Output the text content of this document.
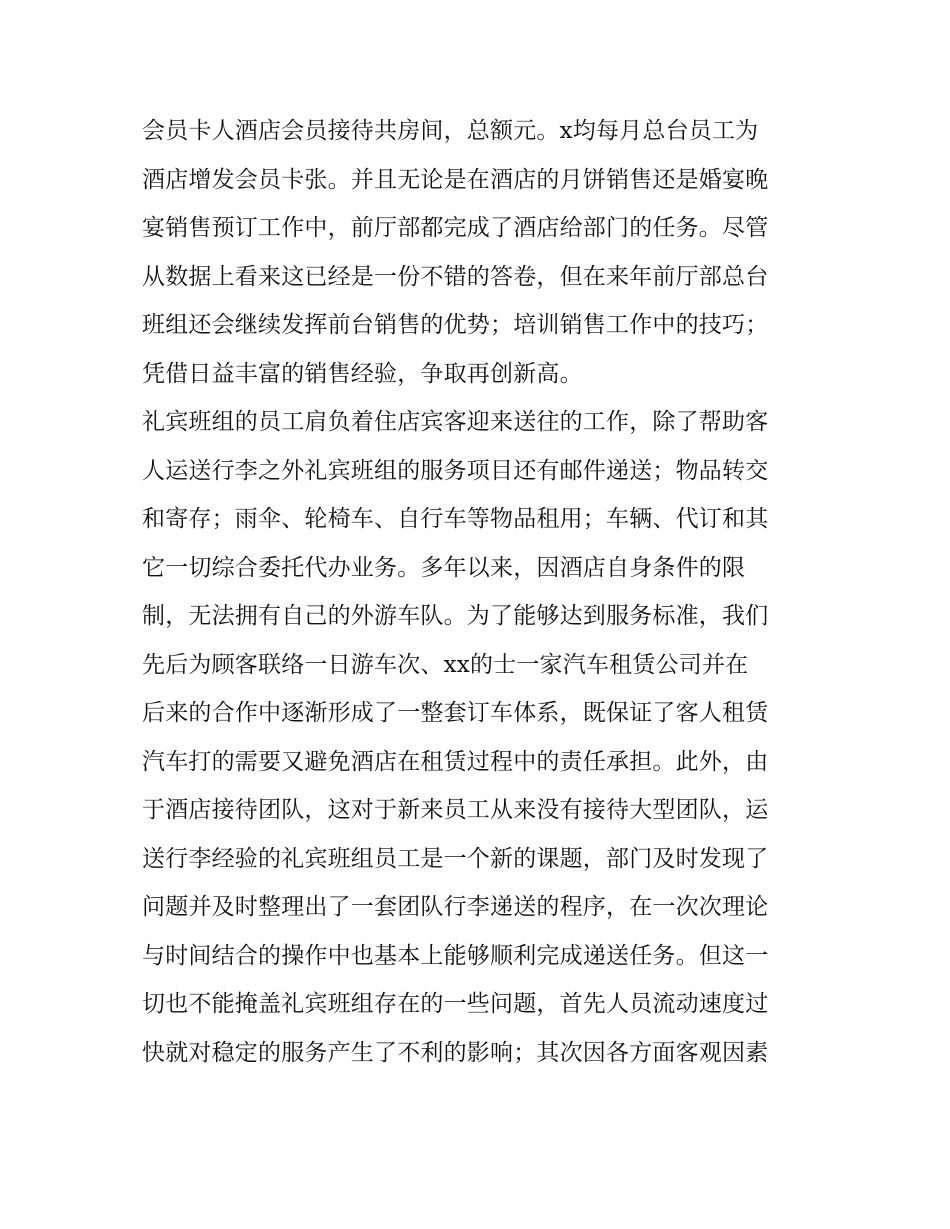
会员卡人酒店会员接待共房间，总额元。x均每月总台员工为
酒店增发会员卡张。并且无论是在酒店的月饼销售还是婚宴晚
宴销售预订工作中，前厅部都完成了酒店给部门的任务。尽管
从数据上看来这已经是一份不错的答卷，但在来年前厅部总台
班组还会继续发挥前台销售的优势；培训销售工作中的技巧；
凭借日益丰富的销售经验，争取再创新高。
礼宾班组的员工肩负着住店宾客迎来送往的工作，除了帮助客
人运送行李之外礼宾班组的服务项目还有邮件递送；物品转交
和寄存；雨伞、轮椅车、自行车等物品租用；车辆、代订和其
它一切综合委托代办业务。多年以来，因酒店自身条件的限
制，无法拥有自己的外游车队。为了能够达到服务标准，我们
先后为顾客联络一日游车次、xx的士一家汽车租赁公司并在
后来的合作中逐渐形成了一整套订车体系，既保证了客人租赁
汽车打的需要又避免酒店在租赁过程中的责任承担。此外，由
于酒店接待团队，这对于新来员工从来没有接待大型团队，运
送行李经验的礼宾班组员工是一个新的课题，部门及时发现了
问题并及时整理出了一套团队行李递送的程序，在一次次理论
与时间结合的操作中也基本上能够顺利完成递送任务。但这一
切也不能掩盖礼宾班组存在的一些问题，首先人员流动速度过
快就对稳定的服务产生了不利的影响；其次因各方面客观因素
